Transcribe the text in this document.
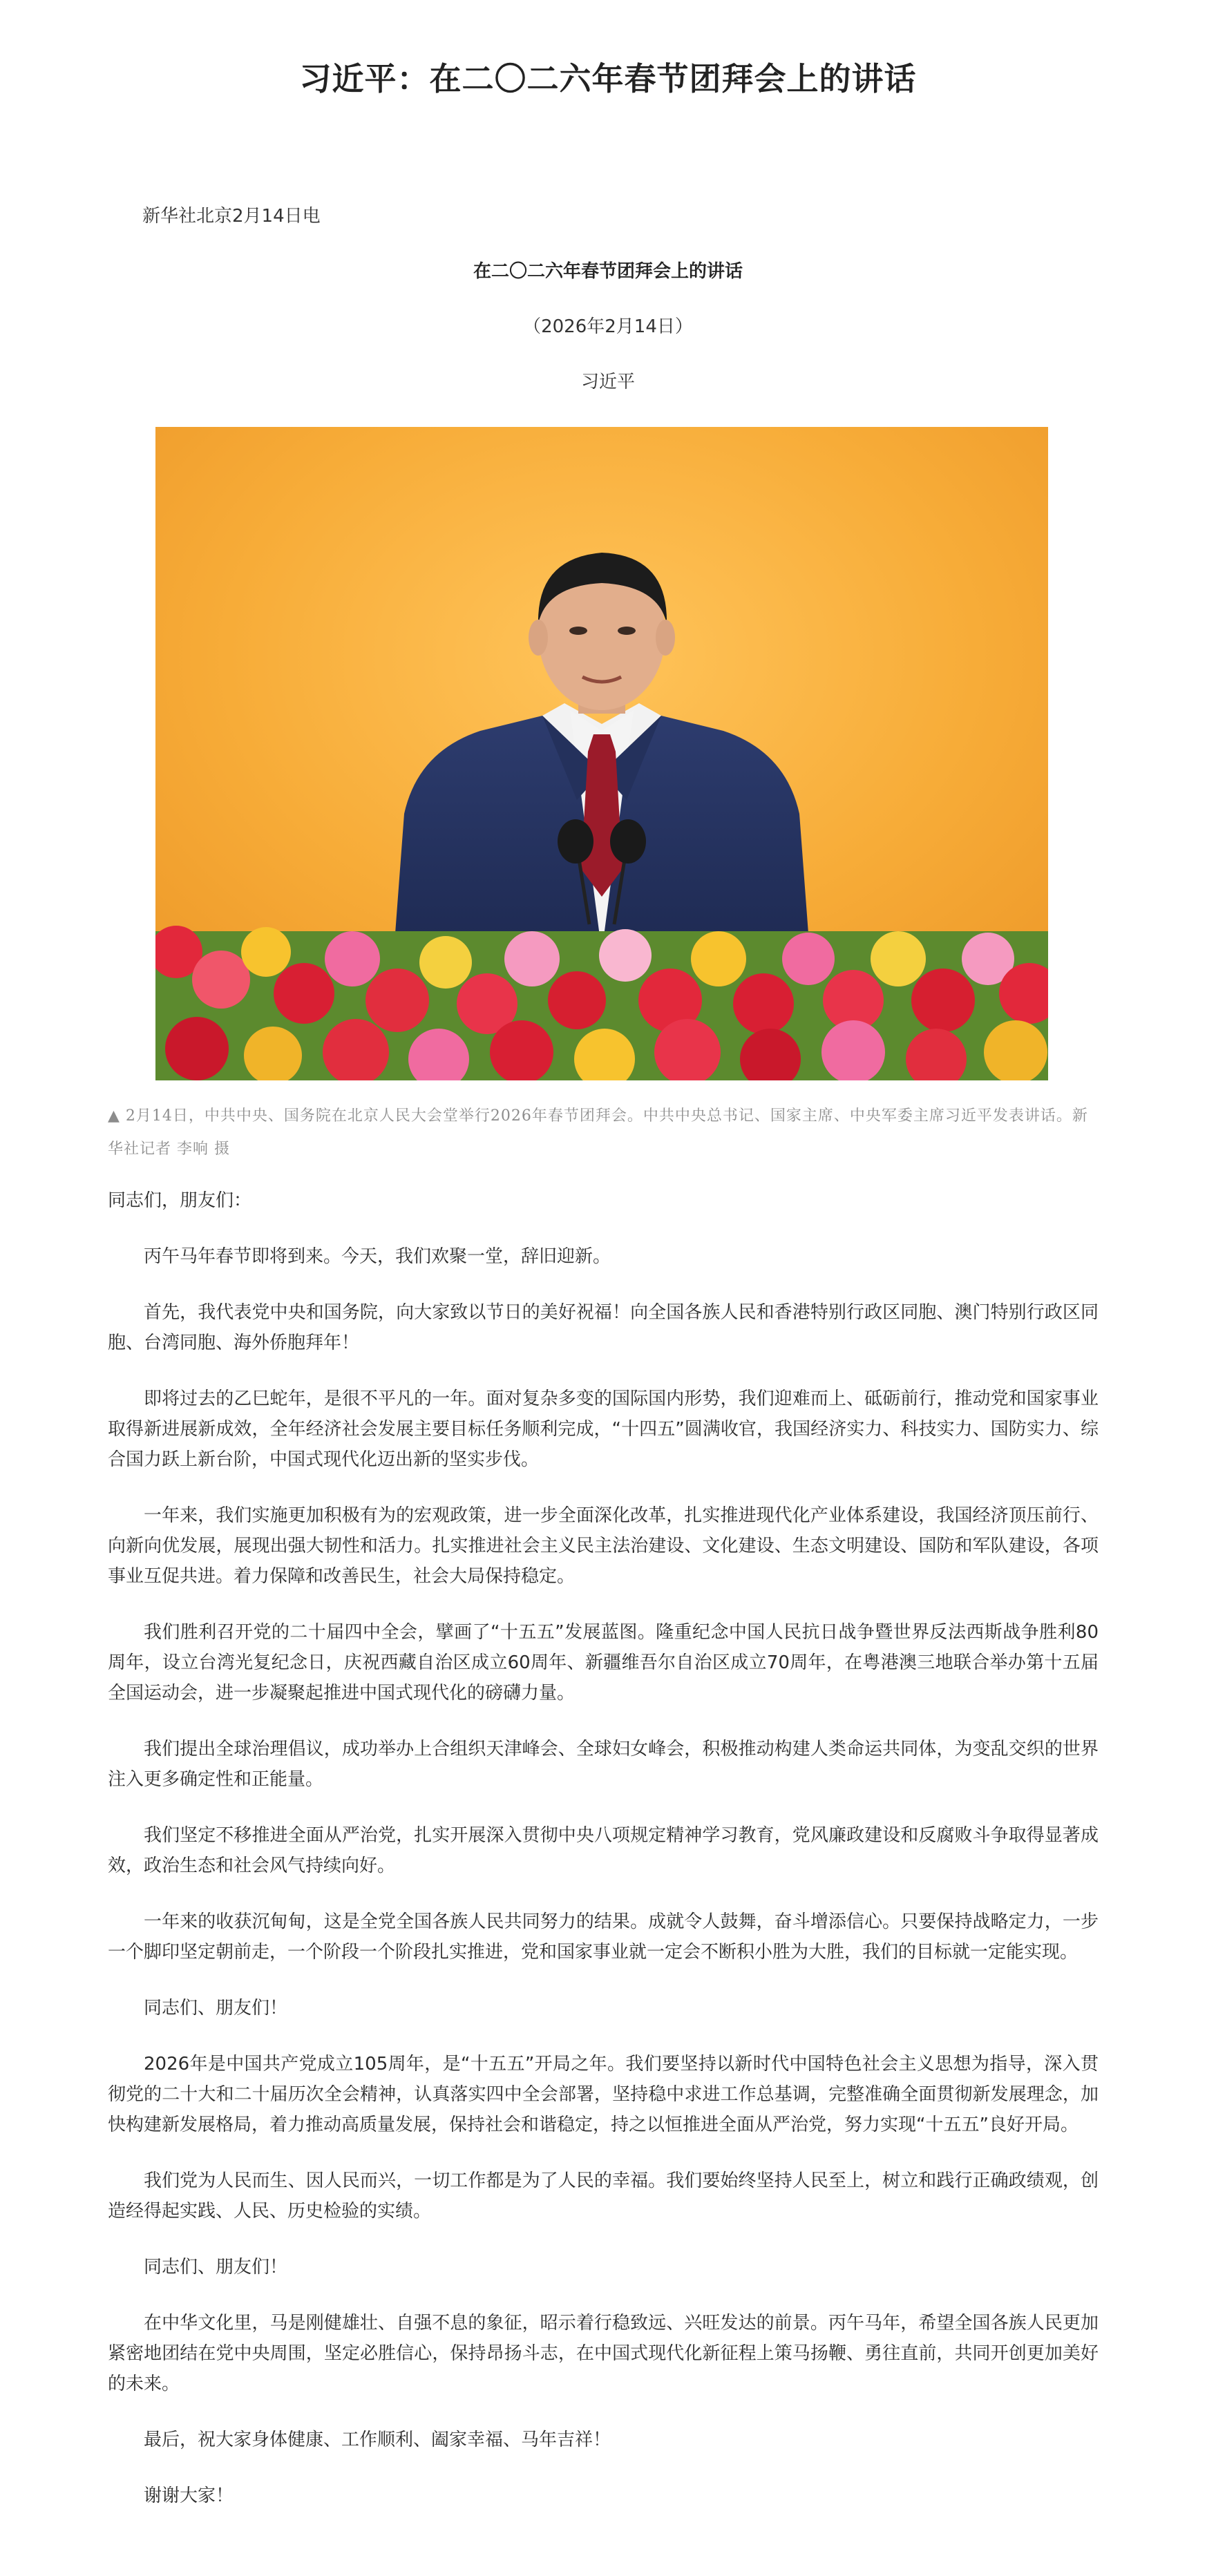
习近平：在二〇二六年春节团拜会上的讲话

新华社北京2月14日电

在二〇二六年春节团拜会上的讲话

（2026年2月14日）

习近平

▲ 2月14日，中共中央、国务院在北京人民大会堂举行2026年春节团拜会。中共中央总书记、国家主席、中央军委主席习近平发表讲话。新华社记者 李响 摄

同志们，朋友们：

丙午马年春节即将到来。今天，我们欢聚一堂，辞旧迎新。

首先，我代表党中央和国务院，向大家致以节日的美好祝福！向全国各族人民和香港特别行政区同胞、澳门特别行政区同胞、台湾同胞、海外侨胞拜年！

即将过去的乙巳蛇年，是很不平凡的一年。面对复杂多变的国际国内形势，我们迎难而上、砥砺前行，推动党和国家事业取得新进展新成效，全年经济社会发展主要目标任务顺利完成，“十四五”圆满收官，我国经济实力、科技实力、国防实力、综合国力跃上新台阶，中国式现代化迈出新的坚实步伐。

一年来，我们实施更加积极有为的宏观政策，进一步全面深化改革，扎实推进现代化产业体系建设，我国经济顶压前行、向新向优发展，展现出强大韧性和活力。扎实推进社会主义民主法治建设、文化建设、生态文明建设、国防和军队建设，各项事业互促共进。着力保障和改善民生，社会大局保持稳定。

我们胜利召开党的二十届四中全会，擘画了“十五五”发展蓝图。隆重纪念中国人民抗日战争暨世界反法西斯战争胜利80周年，设立台湾光复纪念日，庆祝西藏自治区成立60周年、新疆维吾尔自治区成立70周年，在粤港澳三地联合举办第十五届全国运动会，进一步凝聚起推进中国式现代化的磅礴力量。

我们提出全球治理倡议，成功举办上合组织天津峰会、全球妇女峰会，积极推动构建人类命运共同体，为变乱交织的世界注入更多确定性和正能量。

我们坚定不移推进全面从严治党，扎实开展深入贯彻中央八项规定精神学习教育，党风廉政建设和反腐败斗争取得显著成效，政治生态和社会风气持续向好。

一年来的收获沉甸甸，这是全党全国各族人民共同努力的结果。成就令人鼓舞，奋斗增添信心。只要保持战略定力，一步一个脚印坚定朝前走，一个阶段一个阶段扎实推进，党和国家事业就一定会不断积小胜为大胜，我们的目标就一定能实现。

同志们、朋友们！

2026年是中国共产党成立105周年，是“十五五”开局之年。我们要坚持以新时代中国特色社会主义思想为指导，深入贯彻党的二十大和二十届历次全会精神，认真落实四中全会部署，坚持稳中求进工作总基调，完整准确全面贯彻新发展理念，加快构建新发展格局，着力推动高质量发展，保持社会和谐稳定，持之以恒推进全面从严治党，努力实现“十五五”良好开局。

我们党为人民而生、因人民而兴，一切工作都是为了人民的幸福。我们要始终坚持人民至上，树立和践行正确政绩观，创造经得起实践、人民、历史检验的实绩。

同志们、朋友们！

在中华文化里，马是刚健雄壮、自强不息的象征，昭示着行稳致远、兴旺发达的前景。丙午马年，希望全国各族人民更加紧密地团结在党中央周围，坚定必胜信心，保持昂扬斗志，在中国式现代化新征程上策马扬鞭、勇往直前，共同开创更加美好的未来。

最后，祝大家身体健康、工作顺利、阖家幸福、马年吉祥！

谢谢大家！
